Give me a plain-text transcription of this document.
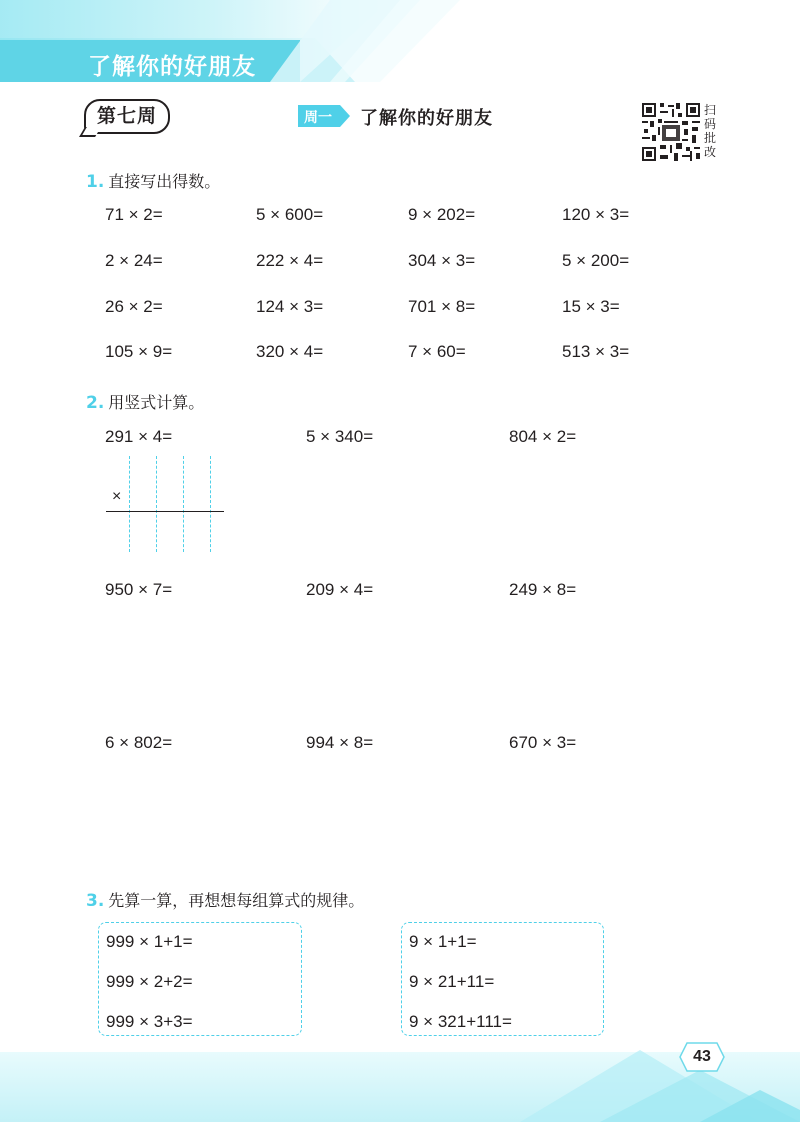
了解你的好朋友
第七周	周一 了解你的好朋友	扫码批改
1. 直接写出得数。
71 × 2=	5 × 600=	9 × 202=	120 × 3=
2 × 24=	222 × 4=	304 × 3=	5 × 200=
26 × 2=	124 × 3=	701 × 8=	15 × 3=
105 × 9=	320 × 4=	7 × 60=	513 × 3=
2. 用竖式计算。
291 × 4=	5 × 340=	804 × 2=
×
950 × 7=	209 × 4=	249 × 8=
6 × 802=	994 × 8=	670 × 3=
3. 先算一算，再想想每组算式的规律。
999 × 1+1=
999 × 2+2=
999 × 3+3=
9 × 1+1=
9 × 21+11=
9 × 321+111=
43
